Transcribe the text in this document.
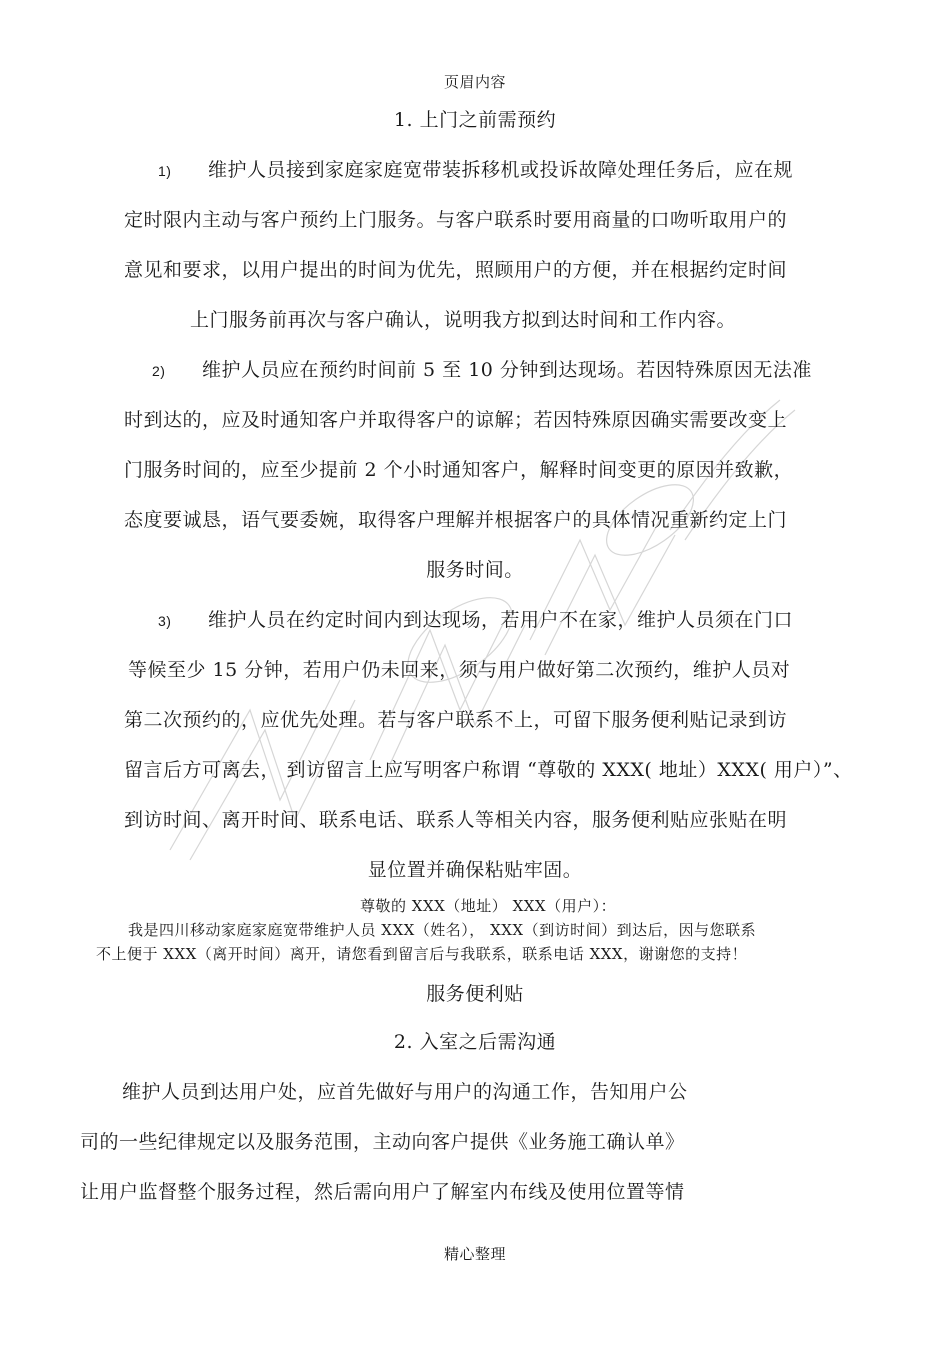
页眉内容
1. 上门之前需预约
1) 维护人员接到家庭家庭宽带装拆移机或投诉故障处理任务后，应在规
定时限内主动与客户预约上门服务。与客户联系时要用商量的口吻听取用户的
意见和要求，以用户提出的时间为优先，照顾用户的方便，并在根据约定时间
上门服务前再次与客户确认，说明我方拟到达时间和工作内容。
2) 维护人员应在预约时间前 5 至 10 分钟到达现场。若因特殊原因无法准
时到达的，应及时通知客户并取得客户的谅解；若因特殊原因确实需要改变上
门服务时间的，应至少提前 2 个小时通知客户，解释时间变更的原因并致歉，
态度要诚恳，语气要委婉，取得客户理解并根据客户的具体情况重新约定上门
服务时间。
3) 维护人员在约定时间内到达现场，若用户不在家，维护人员须在门口
等候至少 15 分钟，若用户仍未回来，须与用户做好第二次预约，维护人员对
第二次预约的，应优先处理。若与客户联系不上，可留下服务便利贴记录到访
留言后方可离去， 到访留言上应写明客户称谓 “尊敬的 XXX( 地址）XXX( 用户）”、
到访时间、离开时间、联系电话、联系人等相关内容，服务便利贴应张贴在明
显位置并确保粘贴牢固。
尊敬的 XXX（地址） XXX（用户）：
我是四川移动家庭家庭宽带维护人员 XXX（姓名）， XXX（到访时间）到达后，因与您联系
不上便于 XXX（离开时间）离开，请您看到留言后与我联系，联系电话 XXX，谢谢您的支持！
服务便利贴
2. 入室之后需沟通
维护人员到达用户处，应首先做好与用户的沟通工作，告知用户公
司的一些纪律规定以及服务范围，主动向客户提供《业务施工确认单》
让用户监督整个服务过程，然后需向用户了解室内布线及使用位置等情
精心整理
